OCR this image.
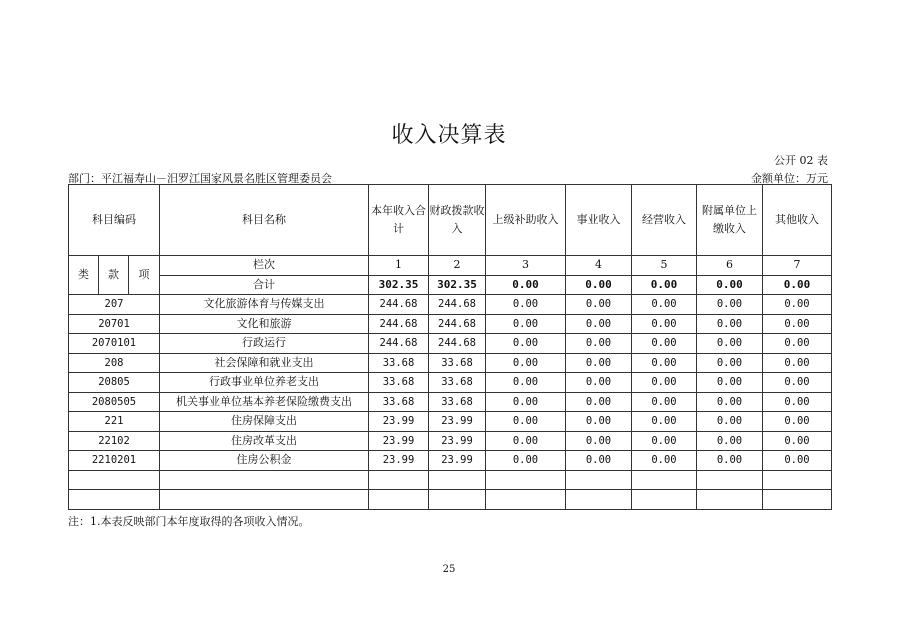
收入决算表
公开 02 表
部门：平江福寿山－汨罗江国家风景名胜区管理委员会	金额单位：万元
科目编码			科目名称	本年收入合计	财政拨款收入	上级补助收入	事业收入	经营收入	附属单位上缴收入	其他收入
类	款	项	栏次	1	2	3	4	5	6	7
			合计	302.35	302.35	0.00	0.00	0.00	0.00	0.00
207			文化旅游体育与传媒支出	244.68	244.68	0.00	0.00	0.00	0.00	0.00
20701			文化和旅游	244.68	244.68	0.00	0.00	0.00	0.00	0.00
2070101			行政运行	244.68	244.68	0.00	0.00	0.00	0.00	0.00
208			社会保障和就业支出	33.68	33.68	0.00	0.00	0.00	0.00	0.00
20805			行政事业单位养老支出	33.68	33.68	0.00	0.00	0.00	0.00	0.00
2080505			机关事业单位基本养老保险缴费支出	33.68	33.68	0.00	0.00	0.00	0.00	0.00
221			住房保障支出	23.99	23.99	0.00	0.00	0.00	0.00	0.00
22102			住房改革支出	23.99	23.99	0.00	0.00	0.00	0.00	0.00
2210201			住房公积金	23.99	23.99	0.00	0.00	0.00	0.00	0.00

注：1.本表反映部门本年度取得的各项收入情况。
25
